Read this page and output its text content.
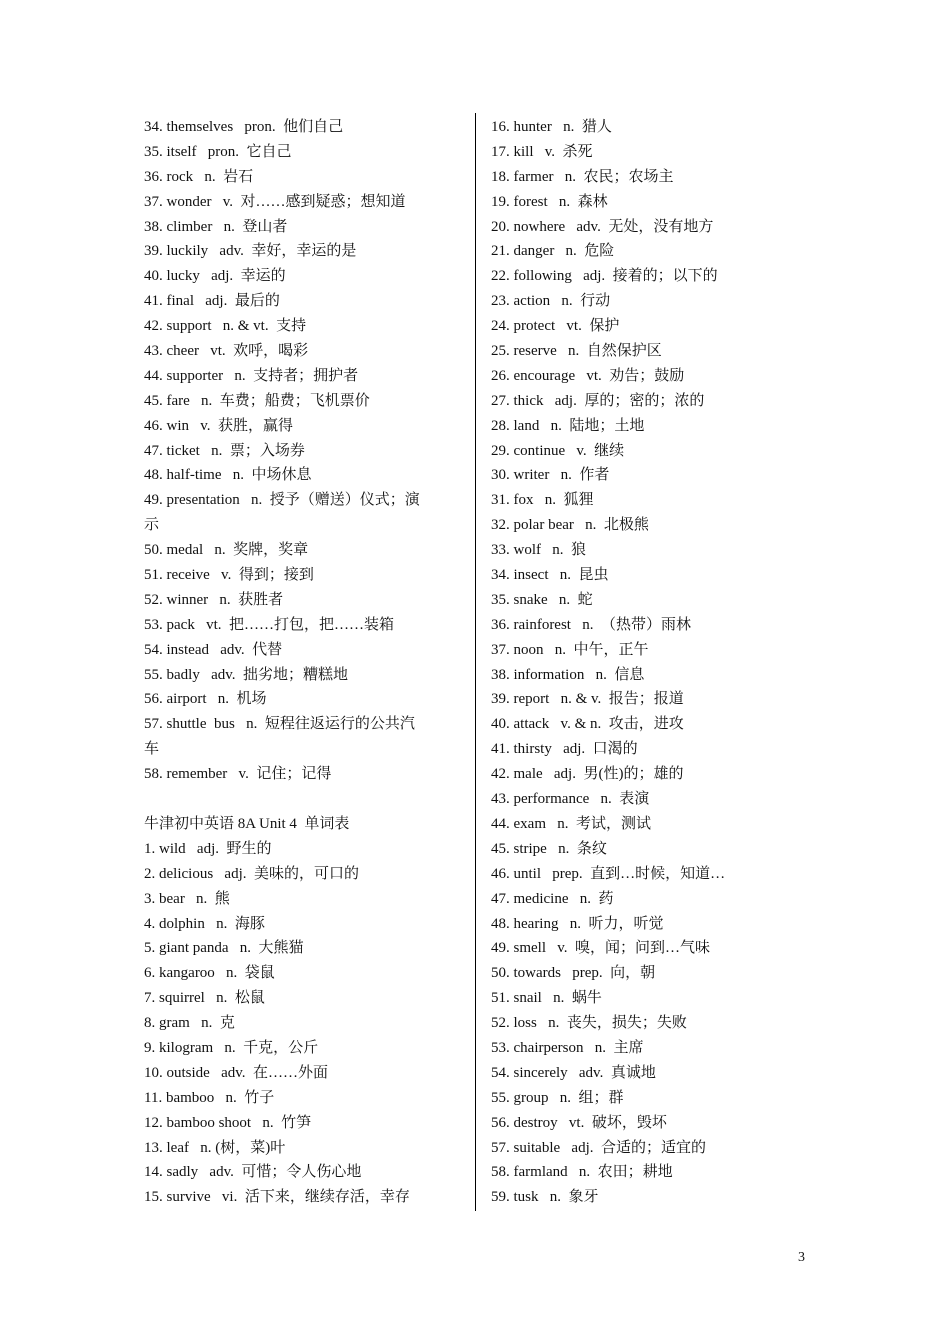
34. themselves   pron.  他们自己
35. itself   pron.  它自己
36. rock   n.  岩石
37. wonder   v.  对……感到疑惑；想知道
38. climber   n.  登山者
39. luckily   adv.  幸好，幸运的是
40. lucky   adj.  幸运的
41. final   adj.  最后的
42. support   n. & vt.  支持
43. cheer   vt.  欢呼，喝彩
44. supporter   n.  支持者；拥护者
45. fare   n.  车费；船费；飞机票价
46. win   v.  获胜，赢得
47. ticket   n.  票；入场券
48. half-time   n.  中场休息
49. presentation   n.  授予（赠送）仪式；演
示
50. medal   n.  奖牌，奖章
51. receive   v.  得到；接到
52. winner   n.  获胜者
53. pack   vt.  把……打包，把……装箱
54. instead   adv.  代替
55. badly   adv.  拙劣地；糟糕地
56. airport   n.  机场
57. shuttle  bus   n.  短程往返运行的公共汽
车
58. remember   v.  记住；记得
牛津初中英语 8A Unit 4  单词表
1. wild   adj.  野生的
2. delicious   adj.  美味的，可口的
3. bear   n.  熊
4. dolphin   n.  海豚
5. giant panda   n.  大熊猫
6. kangaroo   n.  袋鼠
7. squirrel   n.  松鼠
8. gram   n.  克
9. kilogram   n.  千克，公斤
10. outside   adv.  在……外面
11. bamboo   n.  竹子
12. bamboo shoot   n.  竹笋
13. leaf   n. (树，菜)叶
14. sadly   adv.  可惜；令人伤心地
15. survive   vi.  活下来，继续存活，幸存
16. hunter   n.  猎人
17. kill   v.  杀死
18. farmer   n.  农民；农场主
19. forest   n.  森林
20. nowhere   adv.  无处，没有地方
21. danger   n.  危险
22. following   adj.  接着的；以下的
23. action   n.  行动
24. protect   vt.  保护
25. reserve   n.  自然保护区
26. encourage   vt.  劝告；鼓励
27. thick   adj.  厚的；密的；浓的
28. land   n.  陆地；土地
29. continue   v.  继续
30. writer   n.  作者
31. fox   n.  狐狸
32. polar bear   n.  北极熊
33. wolf   n.  狼
34. insect   n.  昆虫
35. snake   n.  蛇
36. rainforest   n.  （热带）雨林
37. noon   n.  中午，正午
38. information   n.  信息
39. report   n. & v.  报告；报道
40. attack   v. & n.  攻击，进攻
41. thirsty   adj.  口渴的
42. male   adj.  男(性)的；雄的
43. performance   n.  表演
44. exam   n.  考试，测试
45. stripe   n.  条纹
46. until   prep.  直到…时候，知道…
47. medicine   n.  药
48. hearing   n.  听力，听觉
49. smell   v.  嗅，闻；问到…气味
50. towards   prep.  向，朝
51. snail   n.  蜗牛
52. loss   n.  丧失，损失；失败
53. chairperson   n.  主席
54. sincerely   adv.  真诚地
55. group   n.  组；群
56. destroy   vt.  破坏，毁坏
57. suitable   adj.  合适的；适宜的
58. farmland   n.  农田；耕地
59. tusk   n.  象牙
3
